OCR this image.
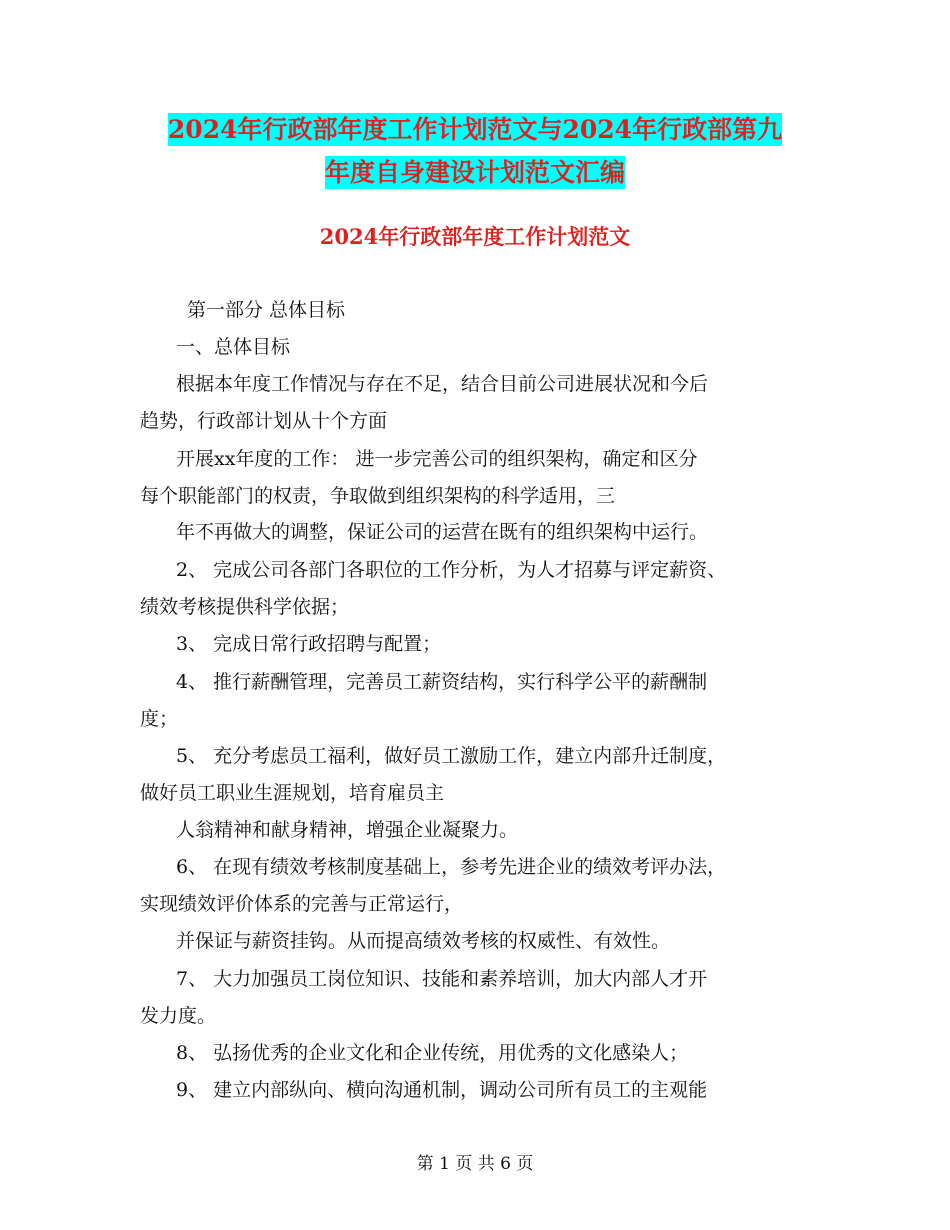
2024年行政部年度工作计划范文与2024年行政部第九
年度自身建设计划范文汇编
2024年行政部年度工作计划范文
第一部分 总体目标
一、总体目标
根据本年度工作情况与存在不足，结合目前公司进展状况和今后
趋势，行政部计划从十个方面
开展xx年度的工作： 进一步完善公司的组织架构，确定和区分
每个职能部门的权责，争取做到组织架构的科学适用，三
年不再做大的调整，保证公司的运营在既有的组织架构中运行。
2、 完成公司各部门各职位的工作分析，为人才招募与评定薪资、
绩效考核提供科学依据；
3、 完成日常行政招聘与配置；
4、 推行薪酬管理，完善员工薪资结构，实行科学公平的薪酬制
度；
5、 充分考虑员工福利，做好员工激励工作，建立内部升迁制度，
做好员工职业生涯规划，培育雇员主
人翁精神和献身精神，增强企业凝聚力。
6、 在现有绩效考核制度基础上，参考先进企业的绩效考评办法，
实现绩效评价体系的完善与正常运行，
并保证与薪资挂钩。从而提高绩效考核的权威性、有效性。
7、 大力加强员工岗位知识、技能和素养培训，加大内部人才开
发力度。
8、 弘扬优秀的企业文化和企业传统，用优秀的文化感染人；
9、 建立内部纵向、横向沟通机制，调动公司所有员工的主观能
第 1 页 共 6 页
